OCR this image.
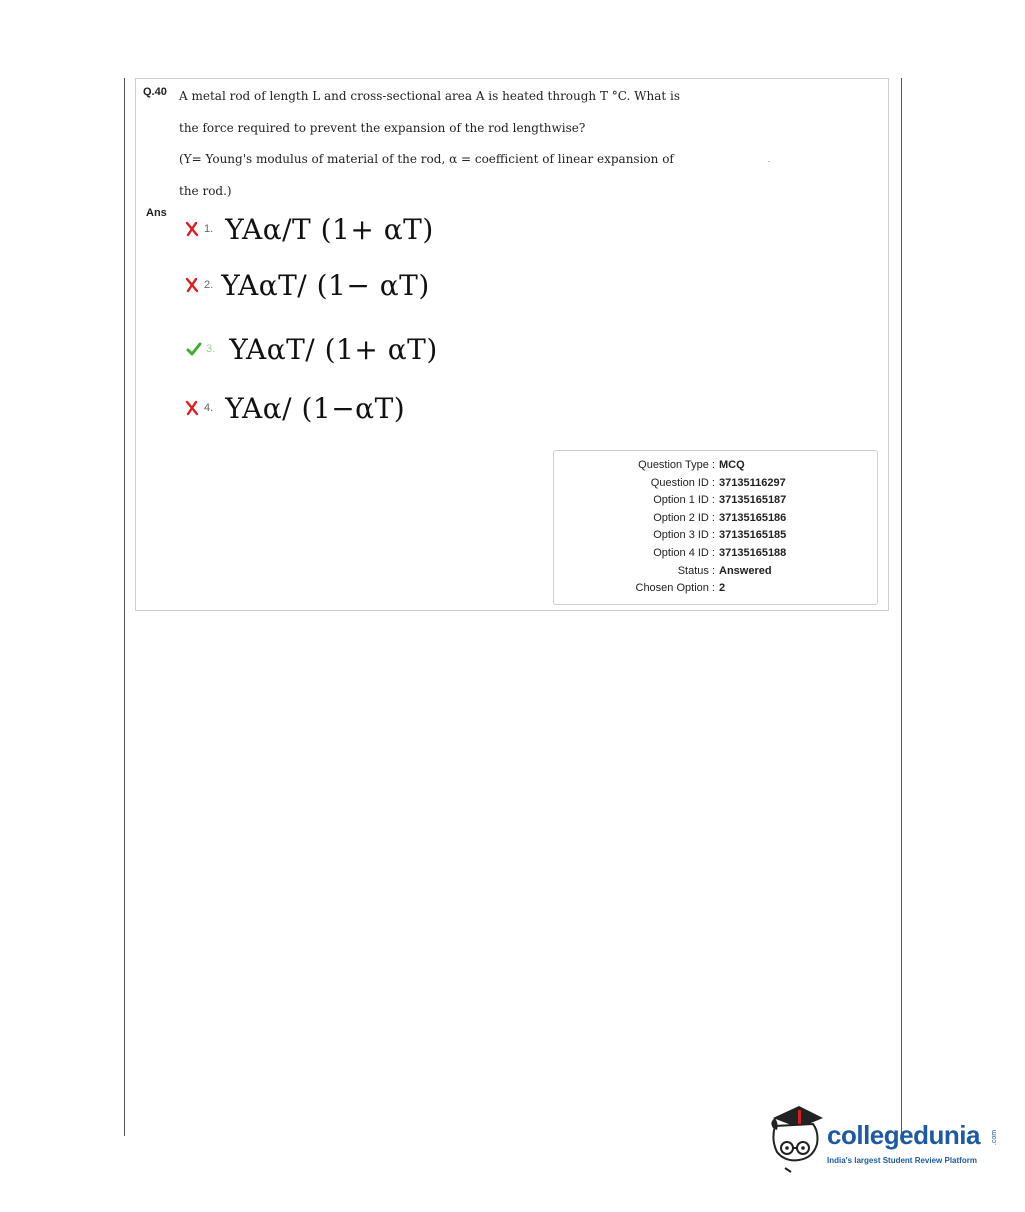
Q.40 A metal rod of length L and cross-sectional area A is heated through T °C. What is
the force required to prevent the expansion of the rod lengthwise?
(Y= Young's modulus of material of the rod, α = coefficient of linear expansion of
the rod.)
Ans
1. YAα/T (1+ αT)
2. YAαT/ (1− αT)
3. YAαT/ (1+ αT)
4. YAα/ (1−αT)
Question Type : MCQ
Question ID : 37135116297
Option 1 ID : 37135165187
Option 2 ID : 37135165186
Option 3 ID : 37135165185
Option 4 ID : 37135165188
Status : Answered
Chosen Option : 2
collegedunia .com
India's largest Student Review Platform
